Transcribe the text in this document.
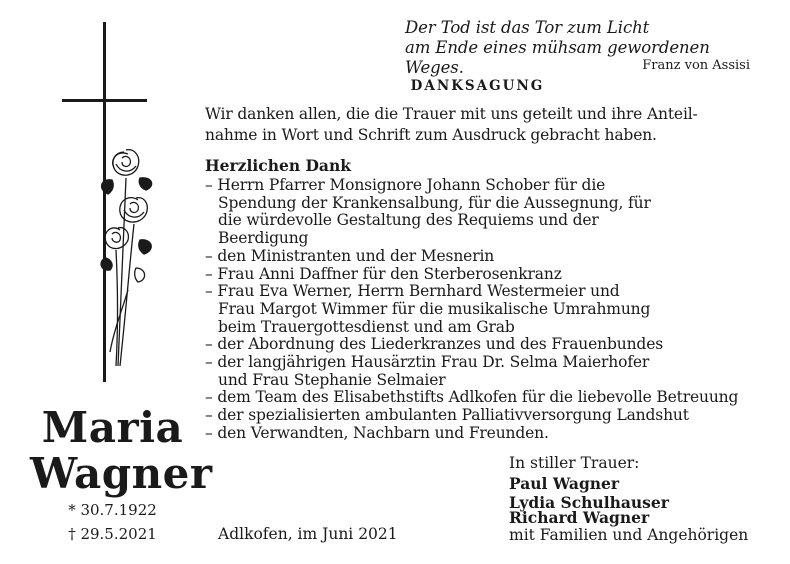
Der Tod ist das Tor zum Licht
am Ende eines mühsam gewordenen Weges.	Franz von Assisi
DANKSAGUNG
Wir danken allen, die die Trauer mit uns geteilt und ihre Anteil-
nahme in Wort und Schrift zum Ausdruck gebracht haben.
Herzlichen Dank
– Herrn Pfarrer Monsignore Johann Schober für die Spendung der Krankensalbung, für die Aussegnung, für die würdevolle Gestaltung des Requiems und der Beerdigung
– den Ministranten und der Mesnerin
– Frau Anni Daffner für den Sterberosenkranz
– Frau Eva Werner, Herrn Bernhard Westermeier und Frau Margot Wimmer für die musikalische Umrahmung beim Trauergottesdienst und am Grab
– der Abordnung des Liederkranzes und des Frauenbundes
– der langjährigen Hausärztin Frau Dr. Selma Maierhofer und Frau Stephanie Selmaier
– dem Team des Elisabethstifts Adlkofen für die liebevolle Betreuung
– der spezialisierten ambulanten Palliativversorgung Landshut
– den Verwandten, Nachbarn und Freunden.
Maria
Wagner
* 30.7.1922
† 29.5.2021	Adlkofen, im Juni 2021
In stiller Trauer:
Paul Wagner
Lydia Schulhauser
Richard Wagner
mit Familien und Angehörigen
